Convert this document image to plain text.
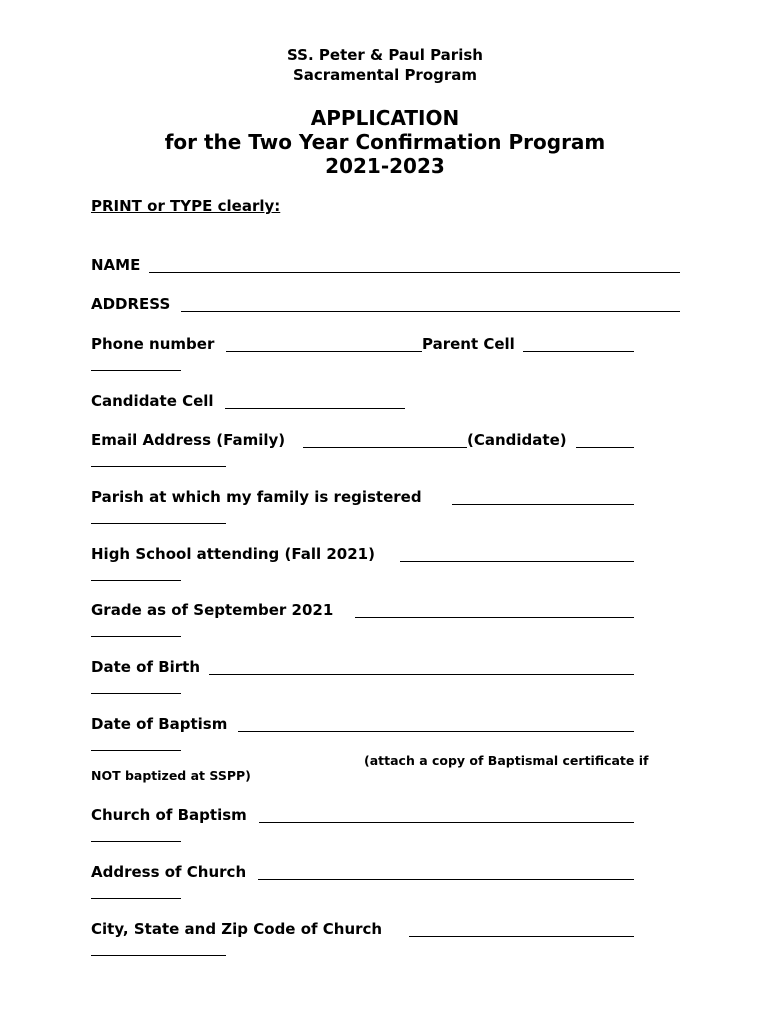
SS. Peter & Paul Parish
Sacramental Program
APPLICATION
for the Two Year Confirmation Program
2021-2023
PRINT or TYPE clearly:
NAME
ADDRESS
Phone number	Parent Cell
Candidate Cell
Email Address (Family)	(Candidate)
Parish at which my family is registered
High School attending (Fall 2021)
Grade as of September 2021
Date of Birth
Date of Baptism
(attach a copy of Baptismal certificate if
NOT baptized at SSPP)
Church of Baptism
Address of Church
City, State and Zip Code of Church
